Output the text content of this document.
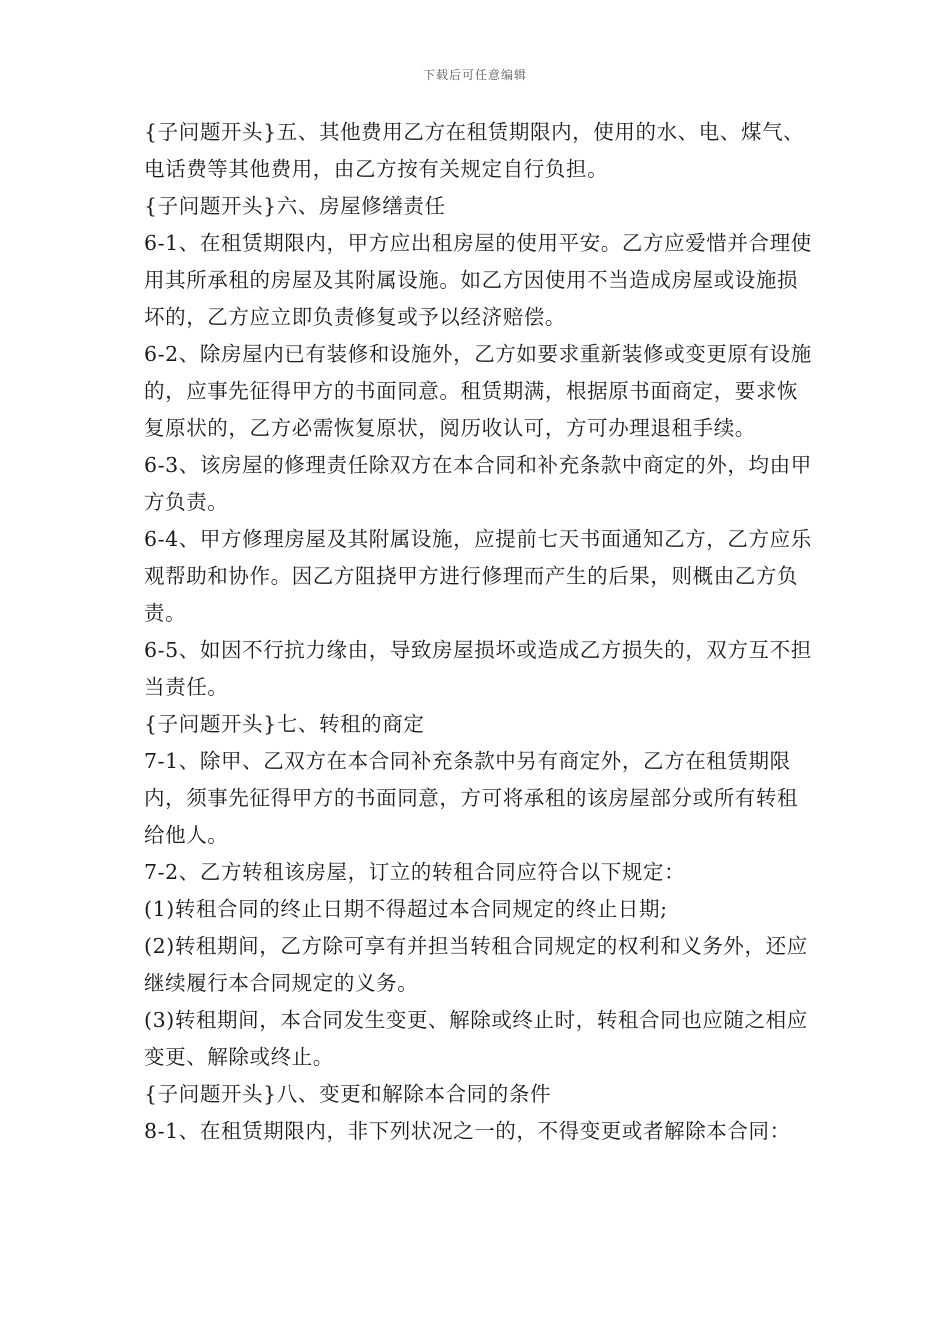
下载后可任意编辑

{子问题开头}五、其他费用乙方在租赁期限内，使用的水、电、煤气、电话费等其他费用，由乙方按有关规定自行负担。

{子问题开头}六、房屋修缮责任

6-1、在租赁期限内，甲方应出租房屋的使用平安。乙方应爱惜并合理使用其所承租的房屋及其附属设施。如乙方因使用不当造成房屋或设施损坏的，乙方应立即负责修复或予以经济赔偿。

6-2、除房屋内已有装修和设施外，乙方如要求重新装修或变更原有设施的，应事先征得甲方的书面同意。租赁期满，根据原书面商定，要求恢复原状的，乙方必需恢复原状，阅历收认可，方可办理退租手续。

6-3、该房屋的修理责任除双方在本合同和补充条款中商定的外，均由甲方负责。

6-4、甲方修理房屋及其附属设施，应提前七天书面通知乙方，乙方应乐观帮助和协作。因乙方阻挠甲方进行修理而产生的后果，则概由乙方负责。

6-5、如因不行抗力缘由，导致房屋损坏或造成乙方损失的，双方互不担当责任。

{子问题开头}七、转租的商定

7-1、除甲、乙双方在本合同补充条款中另有商定外，乙方在租赁期限内，须事先征得甲方的书面同意，方可将承租的该房屋部分或所有转租给他人。

7-2、乙方转租该房屋，订立的转租合同应符合以下规定：

(1)转租合同的终止日期不得超过本合同规定的终止日期;

(2)转租期间，乙方除可享有并担当转租合同规定的权利和义务外，还应继续履行本合同规定的义务。

(3)转租期间，本合同发生变更、解除或终止时，转租合同也应随之相应变更、解除或终止。

{子问题开头}八、变更和解除本合同的条件

8-1、在租赁期限内，非下列状况之一的，不得变更或者解除本合同：
